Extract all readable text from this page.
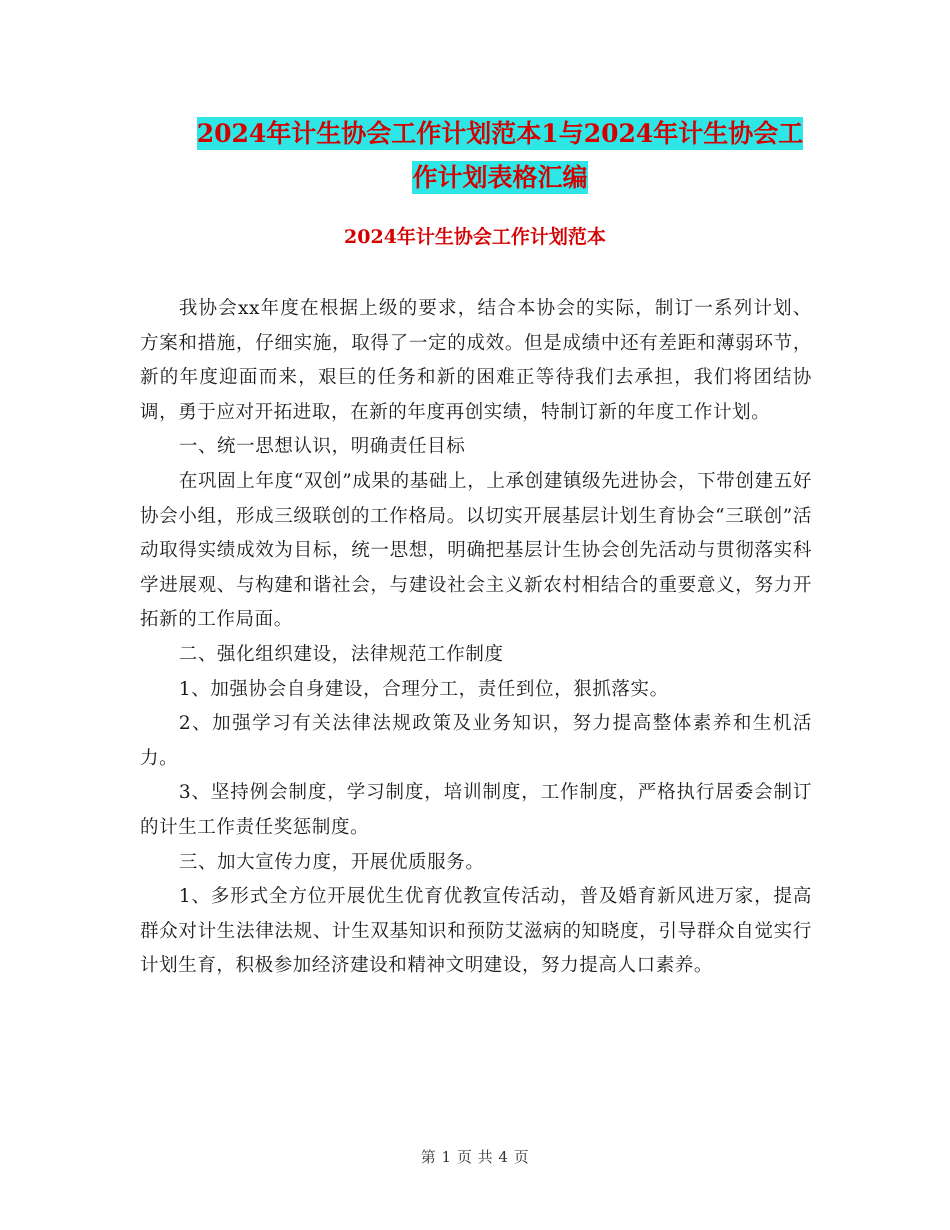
2024年计生协会工作计划范本1与2024年计生协会工
作计划表格汇编
2024年计生协会工作计划范本

我协会xx年度在根据上级的要求，结合本协会的实际，制订一系列计划、方案和措施，仔细实施，取得了一定的成效。但是成绩中还有差距和薄弱环节，新的年度迎面而来，艰巨的任务和新的困难正等待我们去承担，我们将团结协调，勇于应对开拓进取，在新的年度再创实绩，特制订新的年度工作计划。

一、统一思想认识，明确责任目标

在巩固上年度“双创”成果的基础上，上承创建镇级先进协会，下带创建五好协会小组，形成三级联创的工作格局。以切实开展基层计划生育协会“三联创”活动取得实绩成效为目标，统一思想，明确把基层计生协会创先活动与贯彻落实科学进展观、与构建和谐社会，与建设社会主义新农村相结合的重要意义，努力开拓新的工作局面。

二、强化组织建设，法律规范工作制度

1、加强协会自身建设，合理分工，责任到位，狠抓落实。

2、加强学习有关法律法规政策及业务知识，努力提高整体素养和生机活力。

3、坚持例会制度，学习制度，培训制度，工作制度，严格执行居委会制订的计生工作责任奖惩制度。

三、加大宣传力度，开展优质服务。

1、多形式全方位开展优生优育优教宣传活动，普及婚育新风进万家，提高群众对计生法律法规、计生双基知识和预防艾滋病的知晓度，引导群众自觉实行计划生育，积极参加经济建设和精神文明建设，努力提高人口素养。

第 1 页 共 4 页
